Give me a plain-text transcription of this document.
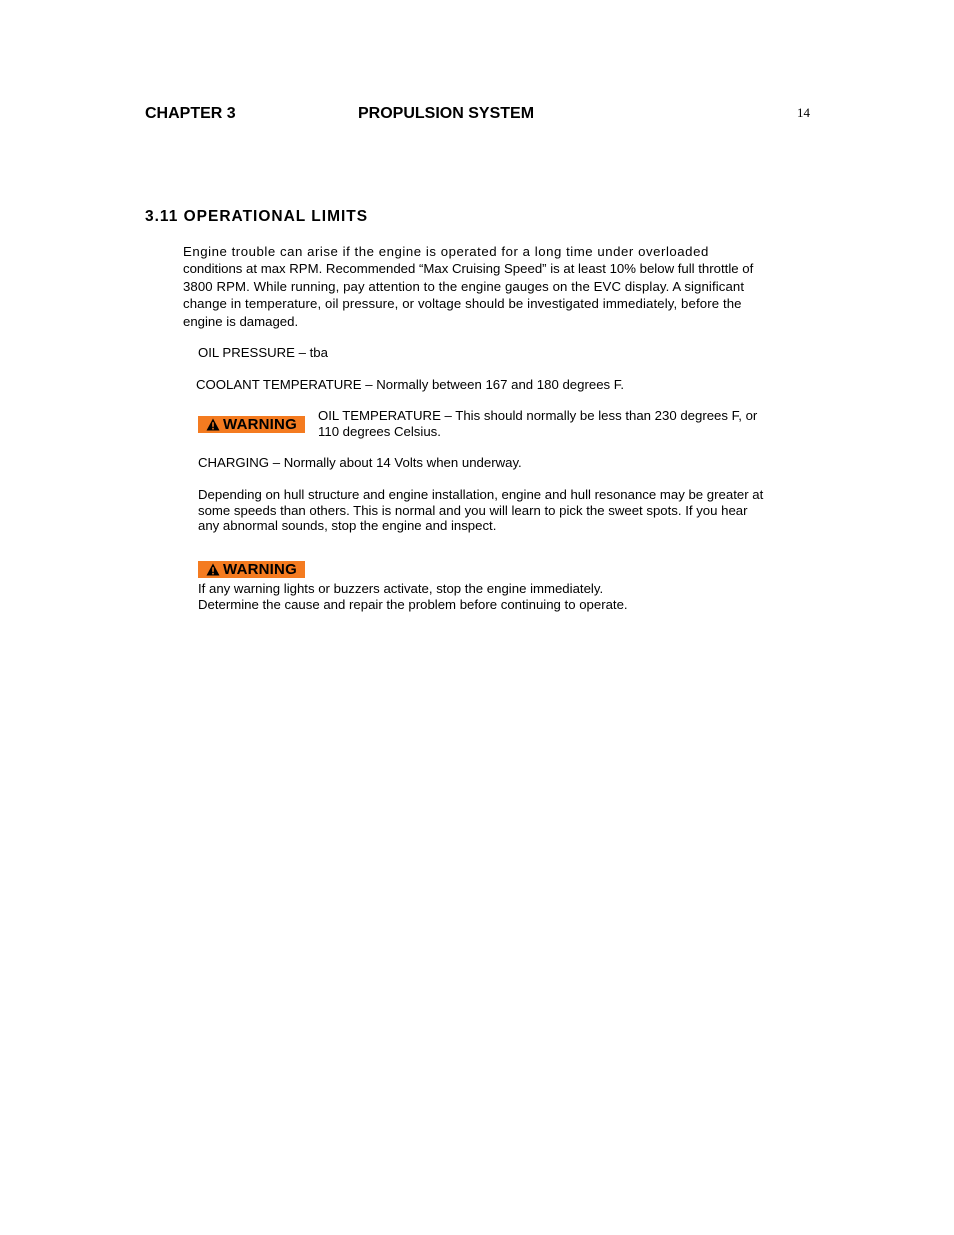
CHAPTER 3	PROPULSION SYSTEM	14
3.11 OPERATIONAL LIMITS
Engine trouble can arise if the engine is operated for a long time under overloaded
conditions at max RPM. Recommended “Max Cruising Speed” is at least 10% below full throttle of
3800 RPM. While running, pay attention to the engine gauges on the EVC display. A significant
change in temperature, oil pressure, or voltage should be investigated immediately, before the
engine is damaged.
OIL PRESSURE – tba
COOLANT TEMPERATURE – Normally between 167 and 180 degrees F.
WARNING
OIL TEMPERATURE – This should normally be less than 230 degrees F, or
110 degrees Celsius.
CHARGING – Normally about 14 Volts when underway.
Depending on hull structure and engine installation, engine and hull resonance may be greater at
some speeds than others. This is normal and you will learn to pick the sweet spots. If you hear
any abnormal sounds, stop the engine and inspect.
WARNING
If any warning lights or buzzers activate, stop the engine immediately.
Determine the cause and repair the problem before continuing to operate.
